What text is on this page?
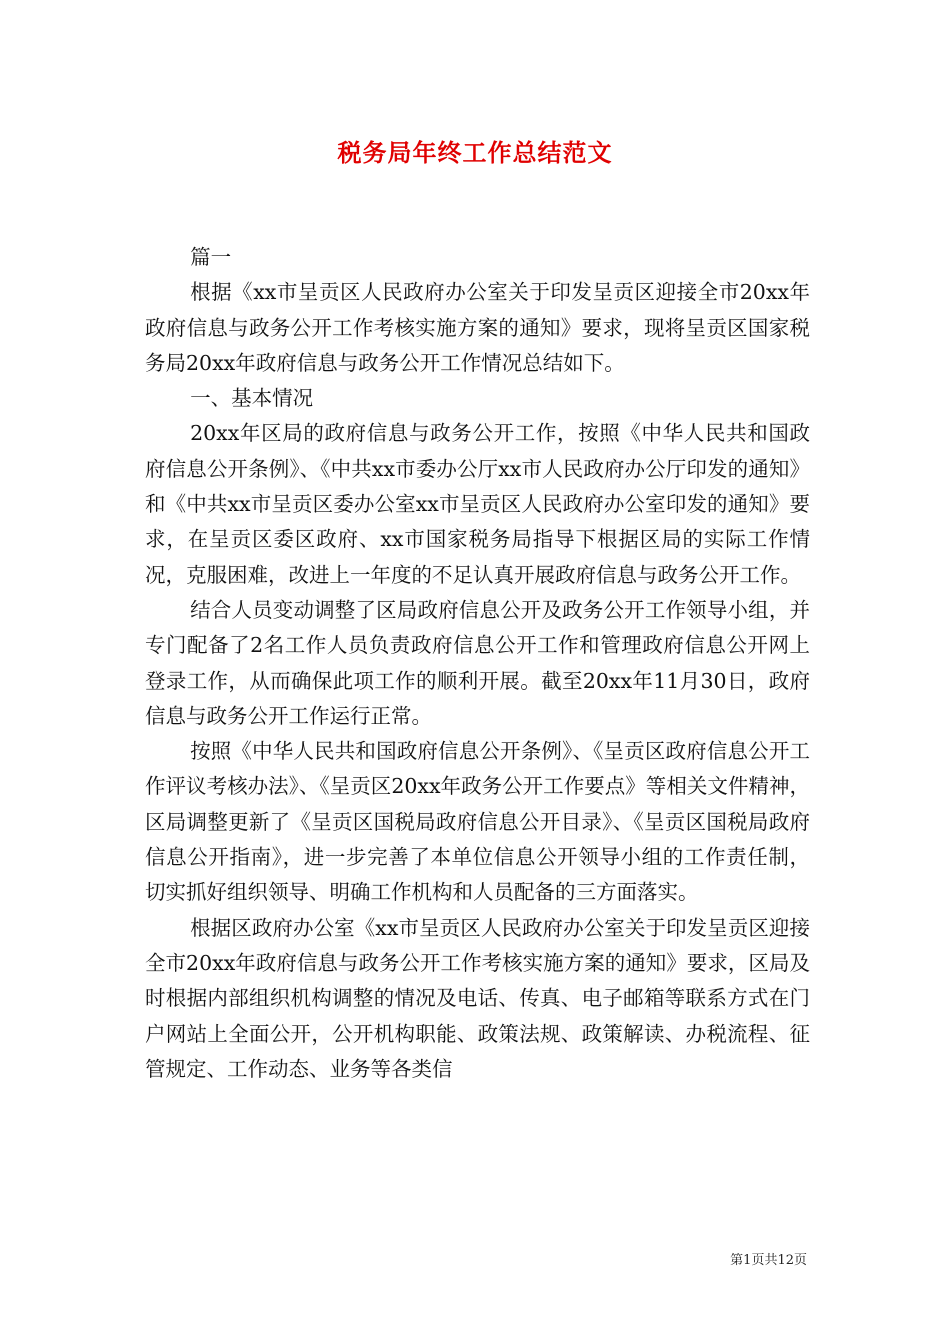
税务局年终工作总结范文

篇一

根据《xx市呈贡区人民政府办公室关于印发呈贡区迎接全市20xx年政府信息与政务公开工作考核实施方案的通知》要求，现将呈贡区国家税务局20xx年政府信息与政务公开工作情况总结如下。

一、基本情况

20xx年区局的政府信息与政务公开工作，按照《中华人民共和国政府信息公开条例》、《中共xx市委办公厅xx市人民政府办公厅印发的通知》和《中共xx市呈贡区委办公室xx市呈贡区人民政府办公室印发的通知》要求，在呈贡区委区政府、xx市国家税务局指导下根据区局的实际工作情况，克服困难，改进上一年度的不足认真开展政府信息与政务公开工作。

结合人员变动调整了区局政府信息公开及政务公开工作领导小组，并专门配备了2名工作人员负责政府信息公开工作和管理政府信息公开网上登录工作，从而确保此项工作的顺利开展。截至20xx年11月30日，政府信息与政务公开工作运行正常。

按照《中华人民共和国政府信息公开条例》、《呈贡区政府信息公开工作评议考核办法》、《呈贡区20xx年政务公开工作要点》等相关文件精神，区局调整更新了《呈贡区国税局政府信息公开目录》、《呈贡区国税局政府信息公开指南》，进一步完善了本单位信息公开领导小组的工作责任制，切实抓好组织领导、明确工作机构和人员配备的三方面落实。

根据区政府办公室《xx市呈贡区人民政府办公室关于印发呈贡区迎接全市20xx年政府信息与政务公开工作考核实施方案的通知》要求，区局及时根据内部组织机构调整的情况及电话、传真、电子邮箱等联系方式在门户网站上全面公开，公开机构职能、政策法规、政策解读、办税流程、征管规定、工作动态、业务等各类信

第1页共12页
